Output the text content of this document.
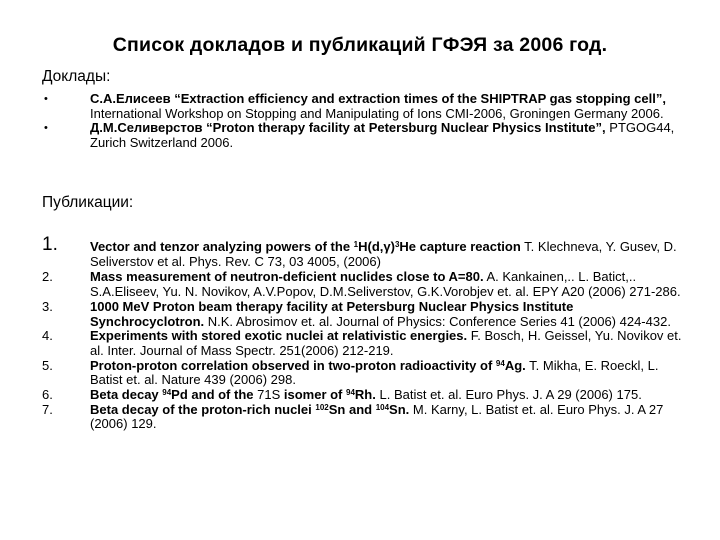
Список докладов и публикаций ГФЭЯ за 2006 год.
Доклады:
•	С.А.Елисеев “Extraction efficiency and extraction times of the SHIPTRAP gas stopping cell”, International Workshop on Stopping and Manipulating of Ions CMI-2006, Groningen Germany 2006.
•	Д.М.Селиверстов “Proton therapy facility at Petersburg Nuclear Physics Institute”, PTGOG44, Zurich Switzerland 2006.
Публикации:
1. Vector and tenzor analyzing powers of the $^1H(d,\gamma)^3He$ capture reaction T. Klechneva, Y. Gusev, D. Seliverstov et al. Phys. Rev. C 73, 03 4005, (2006)
2.	Mass measurement of neutron-deficient nuclides close to A=80. A. Kankainen,.. L. Batict,.. S.A.Eliseev, Yu. N. Novikov, A.V.Popov, D.M.Seliverstov, G.K.Vorobjev et. al. EPY A20 (2006) 271-286.
3.	1000 MeV Proton beam therapy facility at Petersburg Nuclear Physics Institute Synchrocyclotron. N.K. Abrosimov et. al. Journal of Physics: Conference Series 41 (2006) 424-432.
4.	Experiments with stored exotic nuclei at relativistic energies. F. Bosch, H. Geissel, Yu. Novikov et. al. Inter. Journal of Mass Spectr. 251(2006) 212-219.
5.	Proton-proton correlation observed in two-proton radioactivity of $^{94}$Ag. T. Mikha, E. Roeckl, L. Batist et. al. Nature 439 (2006) 298.
6.	Beta decay $^{94}$Pd and of the 71S isomer of $^{94}$Rh. L. Batist et. al. Euro Phys. J. A 29 (2006) 175.
7.	Beta decay of the proton-rich nuclei $^{102}$Sn and $^{104}$Sn. M. Karny, L. Batist et. al. Euro Phys. J. A 27 (2006) 129.
